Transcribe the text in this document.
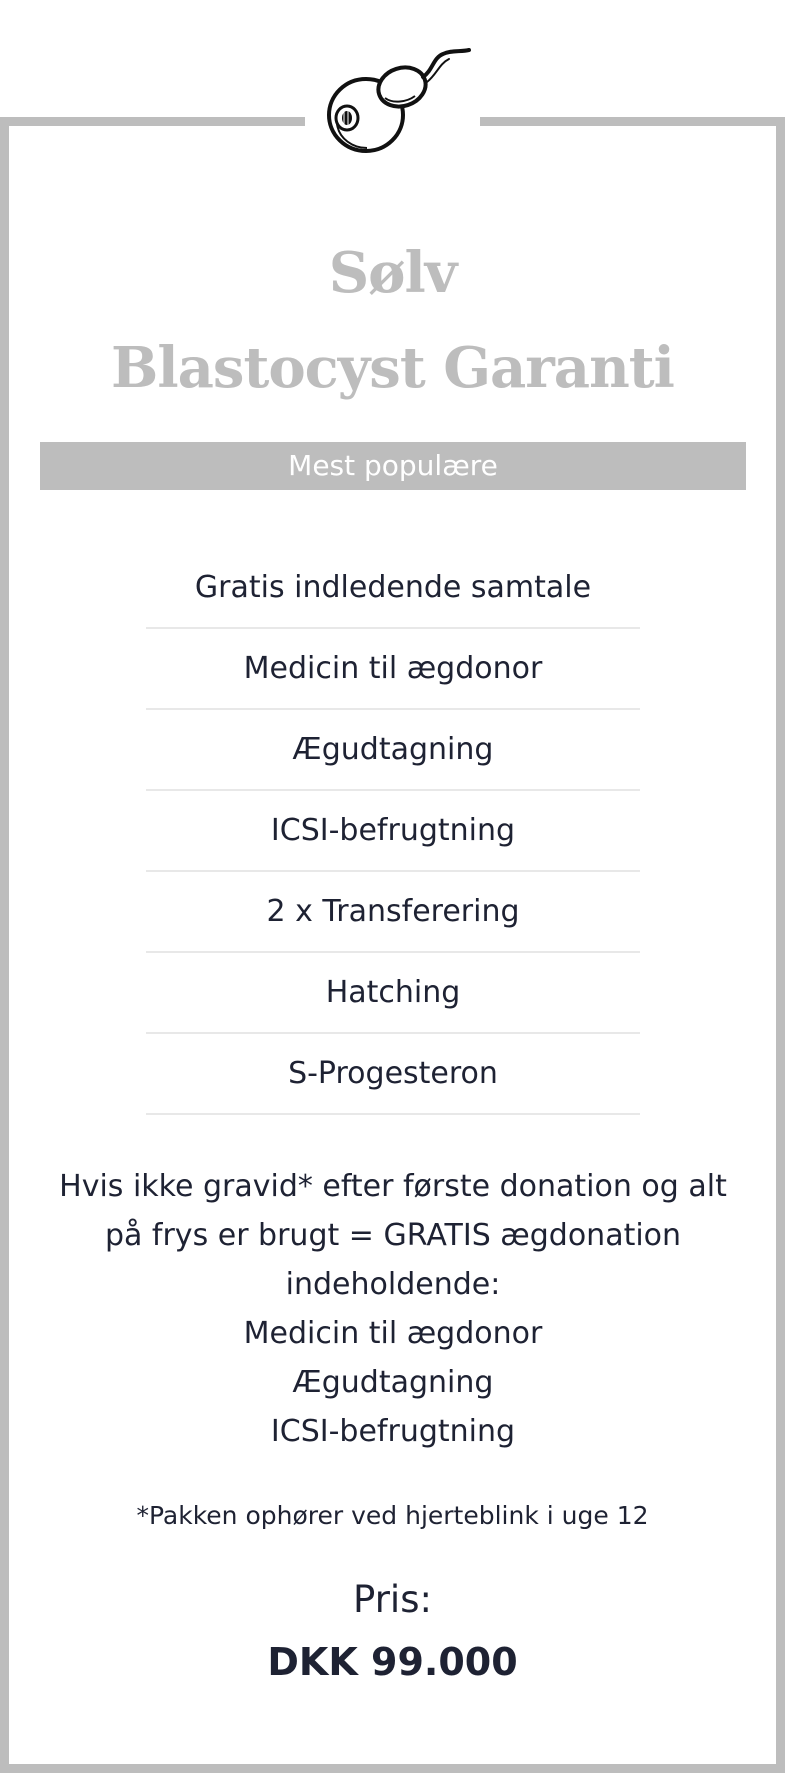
Sølv
Blastocyst Garanti
Mest populære
Gratis indledende samtale
Medicin til ægdonor
Ægudtagning
ICSI-befrugtning
2 x Transferering
Hatching
S-Progesteron
Hvis ikke gravid* efter første donation og alt
på frys er brugt = GRATIS ægdonation
indeholdende:
Medicin til ægdonor
Ægudtagning
ICSI-befrugtning
*Pakken ophører ved hjerteblink i uge 12
Pris:
DKK 99.000
